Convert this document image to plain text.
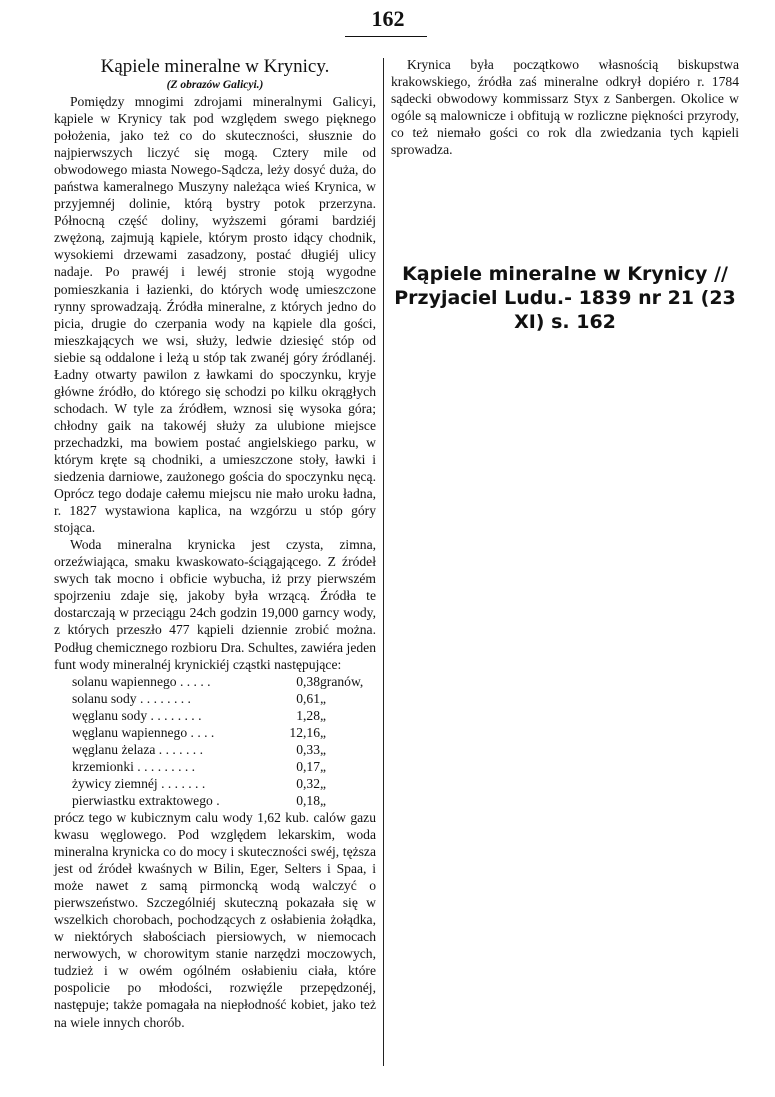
162

Kąpiele mineralne w Krynicy.

(Z obrazów Galicyi.)

Pomiędzy mnogimi zdrojami mineralnymi Galicyi, kąpiele w Krynicy tak pod względem swego pięknego położenia, jako też co do skuteczności, słusznie do najpierwszych liczyć się mogą. Cztery mile od obwodowego miasta Nowego-Sądcza, leży dosyć duża, do państwa kameralnego Muszyny należąca wieś Krynica, w przyjemnéj dolinie, którą bystry potok przerzyna. Północną część doliny, wyższemi górami bardziéj zwężoną, zajmują kąpiele, którym prosto idący chodnik, wysokiemi drzewami zasadzony, postać długiéj ulicy nadaje. Po prawéj i lewéj stronie stoją wygodne pomieszkania i łazienki, do których wodę umieszczone rynny sprowadzają. Źródła mineralne, z których jedno do picia, drugie do czerpania wody na kąpiele dla gości, mieszkających we wsi, służy, ledwie dziesięć stóp od siebie są oddalone i leżą u stóp tak zwanéj góry źródlanéj. Ładny otwarty pawilon z ławkami do spoczynku, kryje główne źródło, do którego się schodzi po kilku okrągłych schodach. W tyle za źródłem, wznosi się wysoka góra; chłodny gaik na takowéj służy za ulubione miejsce przechadzki, ma bowiem postać angielskiego parku, w którym kręte są chodniki, a umieszczone stoły, ławki i siedzenia darniowe, zaużonego gościa do spoczynku nęcą. Oprócz tego dodaje całemu miejscu nie mało uroku ładna, r. 1827 wystawiona kaplica, na wzgórzu u stóp góry stojąca.

Woda mineralna krynicka jest czysta, zimna, orzeźwiająca, smaku kwaskowato-ściągającego. Z źródeł swych tak mocno i obficie wybucha, iż przy pierwszém spojrzeniu zdaje się, jakoby była wrzącą. Źródła te dostarczają w przeciągu 24ch godzin 19,000 garncy wody, z których przeszło 477 kąpieli dziennie zrobić można. Podług chemicznego rozbioru Dra. Schultes, zawiéra jeden funt wody mineralnéj krynickiéj cząstki następujące:

solanu wapiennego . . . . .	0,38	granów,
solanu sody . . . . . . . .	0,61	„
węglanu sody . . . . . . . .	1,28	„
węglanu wapiennego . . . .	12,16	„
węglanu żelaza . . . . . . .	0,33	„
krzemionki . . . . . . . . .	0,17	„
żywicy ziemnéj . . . . . . .	0,32	„
pierwiastku extraktowego .	0,18	„

prócz tego w kubicznym calu wody 1,62 kub. calów gazu kwasu węglowego. Pod względem lekarskim, woda mineralna krynicka co do mocy i skuteczności swéj, tęższa jest od źródeł kwaśnych w Bilin, Eger, Selters i Spaa, i może nawet z samą pirmoncką wodą walczyć o pierwszeństwo. Szczególniéj skuteczną pokazała się w wszelkich chorobach, pochodzących z osłabienia żołądka, w niektórych słabościach piersiowych, w niemocach nerwowych, w chorowitym stanie narzędzi moczowych, tudzież i w owém ogólném osłabieniu ciała, które pospolicie po młodości, rozwięźle przepędzonéj, następuje; także pomagała na niepłodność kobiet, jako też na wiele innych chorób.

Krynica była początkowo własnością biskupstwa krakowskiego, źródła zaś mineralne odkrył dopiéro r. 1784 sądecki obwodowy kommissarz Styx z Sanbergen. Okolice w ogóle są malownicze i obfitują w rozliczne piękności przyrody, co też niemało gości co rok dla zwiedzania tych kąpieli sprowadza.

Kąpiele mineralne w Krynicy // Przyjaciel Ludu.- 1839 nr 21 (23 XI) s. 162
